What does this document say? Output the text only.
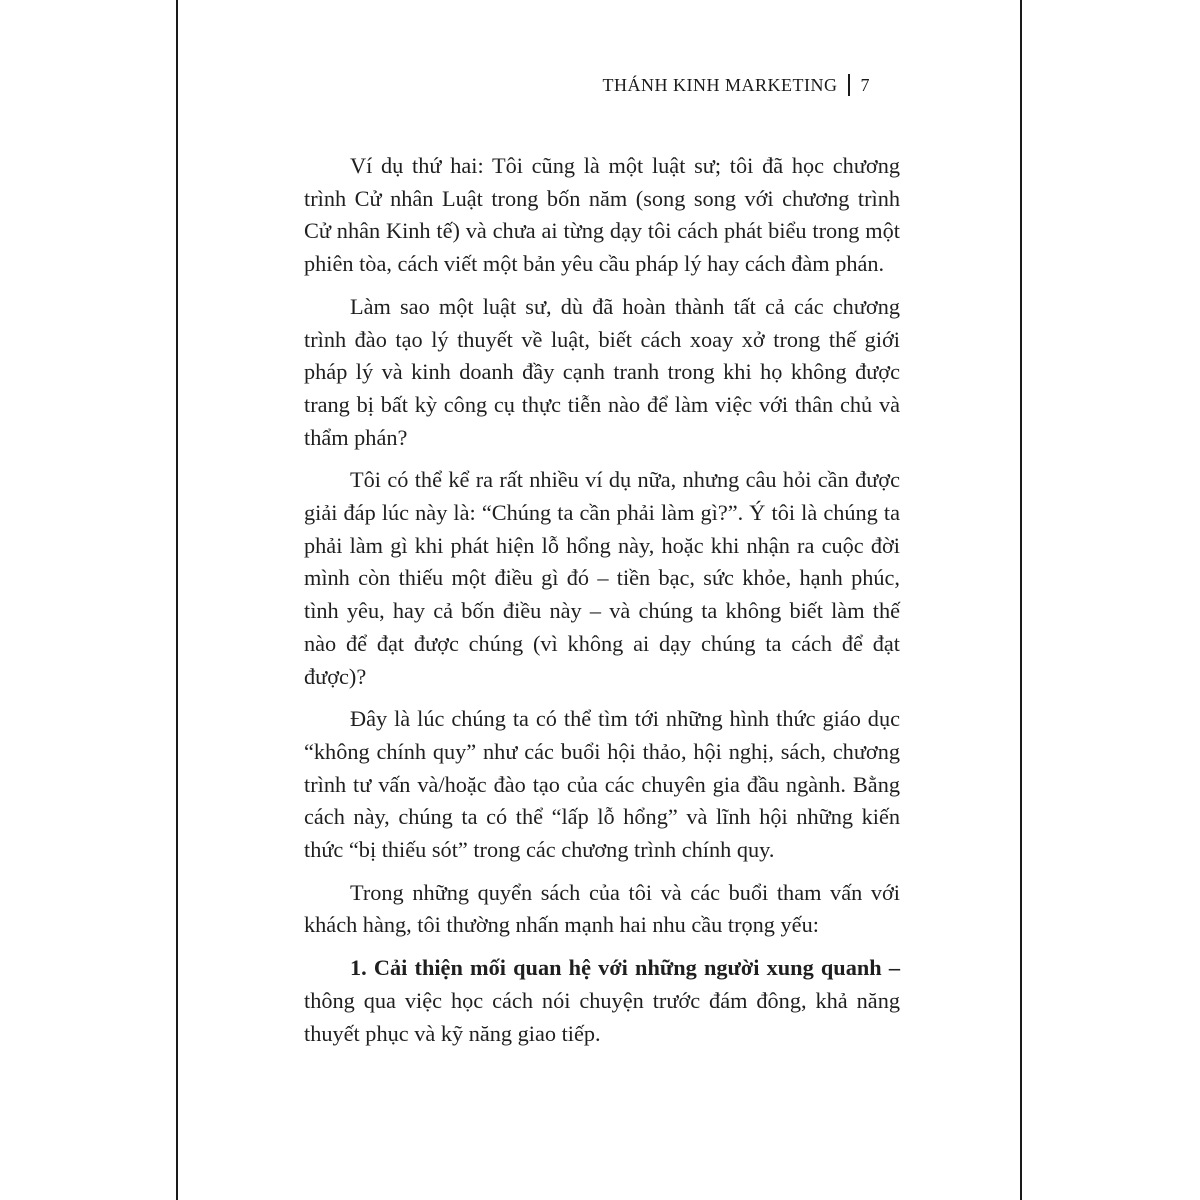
THÁNH KINH MARKETING 7

Ví dụ thứ hai: Tôi cũng là một luật sư; tôi đã học chương trình Cử nhân Luật trong bốn năm (song song với chương trình Cử nhân Kinh tế) và chưa ai từng dạy tôi cách phát biểu trong một phiên tòa, cách viết một bản yêu cầu pháp lý hay cách đàm phán.

Làm sao một luật sư, dù đã hoàn thành tất cả các chương trình đào tạo lý thuyết về luật, biết cách xoay xở trong thế giới pháp lý và kinh doanh đầy cạnh tranh trong khi họ không được trang bị bất kỳ công cụ thực tiễn nào để làm việc với thân chủ và thẩm phán?

Tôi có thể kể ra rất nhiều ví dụ nữa, nhưng câu hỏi cần được giải đáp lúc này là: “Chúng ta cần phải làm gì?”. Ý tôi là chúng ta phải làm gì khi phát hiện lỗ hổng này, hoặc khi nhận ra cuộc đời mình còn thiếu một điều gì đó – tiền bạc, sức khỏe, hạnh phúc, tình yêu, hay cả bốn điều này – và chúng ta không biết làm thế nào để đạt được chúng (vì không ai dạy chúng ta cách để đạt được)?

Đây là lúc chúng ta có thể tìm tới những hình thức giáo dục “không chính quy” như các buổi hội thảo, hội nghị, sách, chương trình tư vấn và/hoặc đào tạo của các chuyên gia đầu ngành. Bằng cách này, chúng ta có thể “lấp lỗ hổng” và lĩnh hội những kiến thức “bị thiếu sót” trong các chương trình chính quy.

Trong những quyển sách của tôi và các buổi tham vấn với khách hàng, tôi thường nhấn mạnh hai nhu cầu trọng yếu:

1. Cải thiện mối quan hệ với những người xung quanh – thông qua việc học cách nói chuyện trước đám đông, khả năng thuyết phục và kỹ năng giao tiếp.
